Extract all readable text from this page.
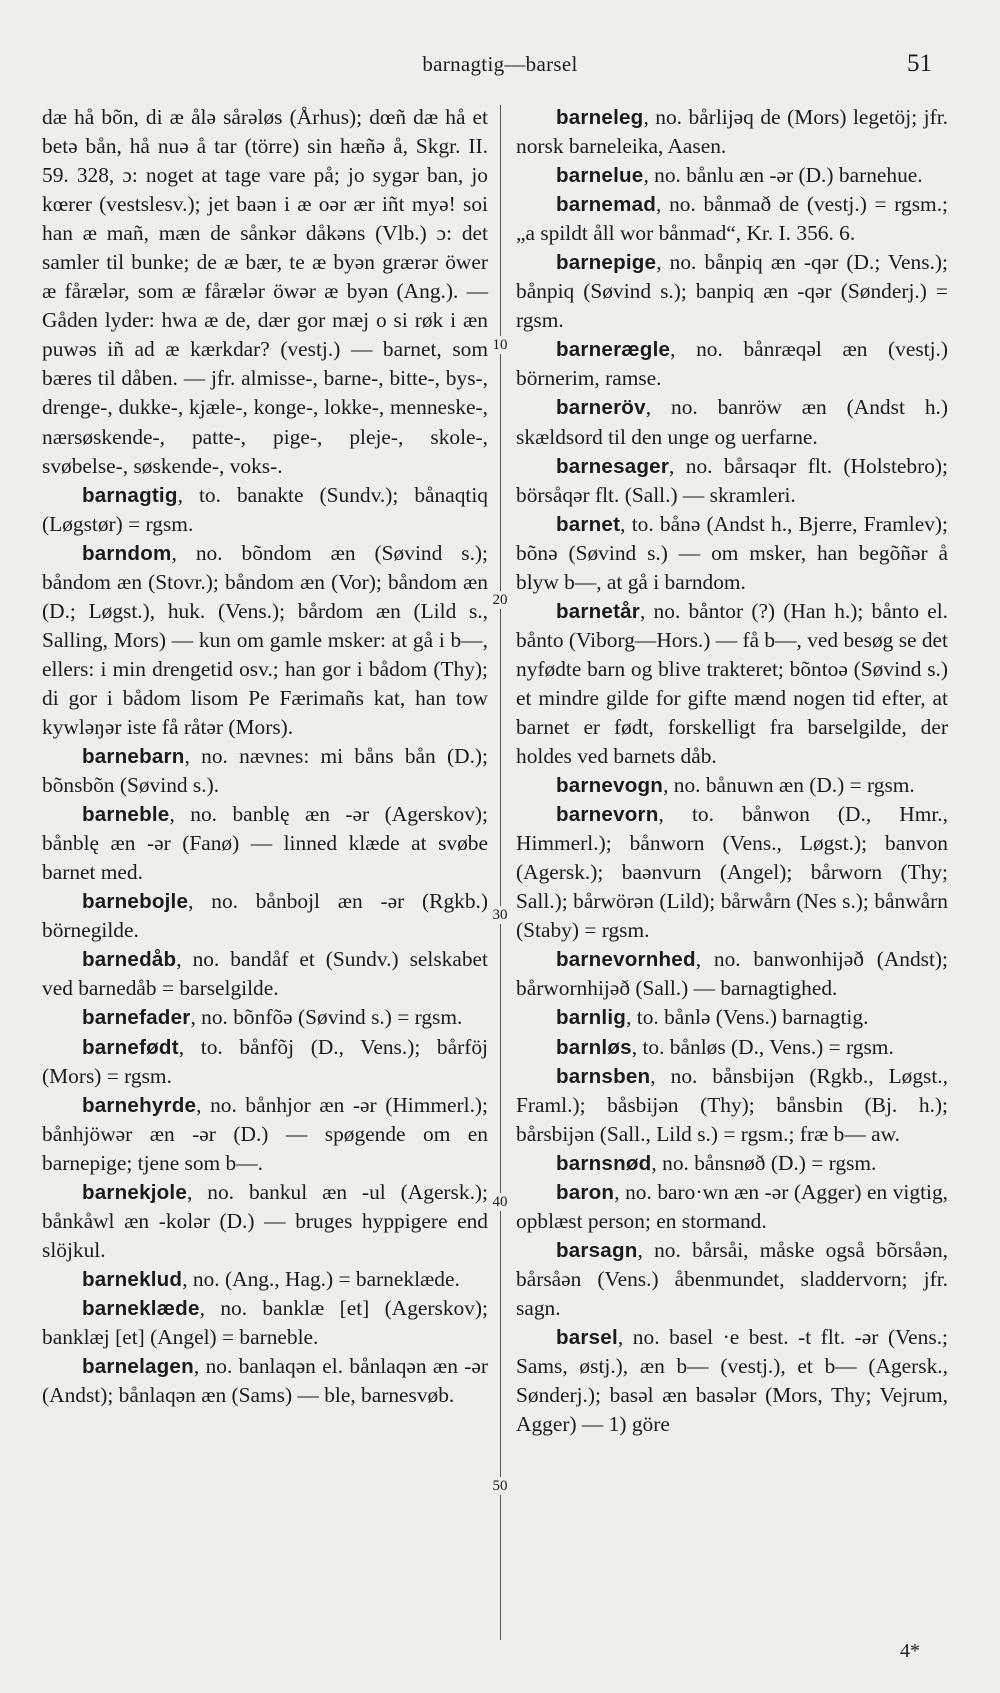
barnagtig—barsel	51
10
20
30
40
50

dæ hå bõn, di æ ålə sårəløs (Århus); dœñ dæ hå et betə bån, hå nuə å tar (törre) sin hæñə å, Skgr. II. 59. 328, ɔ: noget at tage vare på; jo sygər ban, jo kœrer (vestslesv.); jet baən i æ oər ær iñt myə! soi han æ mañ, mæn de sånkər dåkəns (Vlb.) ɔ: det samler til bunke; de æ bær, te æ byən grærər öwer æ fårælər, som æ fårælər öwər æ byən (Ang.). — Gåden lyder: hwa æ de, dær gor mæj o si røk i æn puwəs iñ ad æ kærkdar? (vestj.) — barnet, som bæres til dåben. — jfr. almisse-, barne-, bitte-, bys-, drenge-, dukke-, kjæle-, konge-, lokke-, menneske-, nærsøskende-, patte-, pige-, pleje-, skole-, svøbelse-, søskende-, voks-.

barnagtig, to. banakte (Sundv.); bånaqtiq (Løgstør) = rgsm.

barndom, no. bõndom æn (Søvind s.); båndom æn (Stovr.); båndom æn (Vor); båndom æn (D.; Løgst.), huk. (Vens.); bårdom æn (Lild s., Salling, Mors) — kun om gamle msker: at gå i b—, ellers: i min drengetid osv.; han gor i bådom (Thy); di gor i bådom lisom Pe Færimañs kat, han tow kywləŋər iste få råtər (Mors).

barnebarn, no. nævnes: mi båns bån (D.); bõnsbõn (Søvind s.).

barneble, no. banblę æn -ər (Agerskov); bånblę æn -ər (Fanø) — linned klæde at svøbe barnet med.

barnebojle, no. bånbojl æn -ər (Rgkb.) börnegilde.

barnedåb, no. bandåf et (Sundv.) selskabet ved barnedåb = barselgilde.

barnefader, no. bõnfõə (Søvind s.) = rgsm.

barnefødt, to. bånfõj (D., Vens.); bårföj (Mors) = rgsm.

barnehyrde, no. bånhjor æn -ər (Himmerl.); bånhjöwər æn -ər (D.) — spøgende om en barnepige; tjene som b—.

barnekjole, no. bankul æn -ul (Agersk.); bånkåwl æn -kolər (D.) — bruges hyppigere end slöjkul.

barneklud, no. (Ang., Hag.) = barneklæde.

barneklæde, no. banklæ [et] (Agerskov); banklæj [et] (Angel) = barneble.

barnelagen, no. banlaqən el. bånlaqən æn -ər (Andst); bånlaqən æn (Sams) — ble, barnesvøb.

barneleg, no. bårlijəq de (Mors) legetöj; jfr. norsk barneleika, Aasen.

barnelue, no. bånlu æn -ər (D.) barnehue.

barnemad, no. bånmað de (vestj.) = rgsm.; „a spildt åll wor bånmad“, Kr. I. 356. 6.

barnepige, no. bånpiq æn -qər (D.; Vens.); bånpiq (Søvind s.); banpiq æn -qər (Sønderj.) = rgsm.

barnerægle, no. bånræqəl æn (vestj.) börnerim, ramse.

barneröv, no. banröw æn (Andst h.) skældsord til den unge og uerfarne.

barnesager, no. bårsaqər flt. (Holstebro); börsåqər flt. (Sall.) — skramleri.

barnet, to. bånə (Andst h., Bjerre, Framlev); bõnə (Søvind s.) — om msker, han begõñər å blyw b—, at gå i barndom.

barnetår, no. båntor (?) (Han h.); bånto el. bånto (Viborg—Hors.) — få b—, ved besøg se det nyfødte barn og blive trakteret; bõntoə (Søvind s.) et mindre gilde for gifte mænd nogen tid efter, at barnet er født, forskelligt fra barselgilde, der holdes ved barnets dåb.

barnevogn, no. bånuwn æn (D.) = rgsm.

barnevorn, to. bånwon (D., Hmr., Himmerl.); bånworn (Vens., Løgst.); banvon (Agersk.); baənvurn (Angel); bårworn (Thy; Sall.); bårwörən (Lild); bårwårn (Nes s.); bånwårn (Staby) = rgsm.

barnevornhed, no. banwonhijəð (Andst); bårwornhijəð (Sall.) — barnagtighed.

barnlig, to. bånlə (Vens.) barnagtig.

barnløs, to. bånløs (D., Vens.) = rgsm.

barnsben, no. bånsbijən (Rgkb., Løgst., Framl.); båsbijən (Thy); bånsbin (Bj. h.); bårsbijən (Sall., Lild s.) = rgsm.; fræ b— aw.

barnsnød, no. bånsnøð (D.) = rgsm.

baron, no. baro·wn æn -ər (Agger) en vigtig, opblæst person; en stormand.

barsagn, no. bårsåi, måske også bõrsåən, bårsåən (Vens.) åbenmundet, sladdervorn; jfr. sagn.

barsel, no. basel ·e best. -t flt. -ər (Vens.; Sams, østj.), æn b— (vestj.), et b— (Agersk., Sønderj.); basəl æn basələr (Mors, Thy; Vejrum, Agger) — 1) göre

4*
